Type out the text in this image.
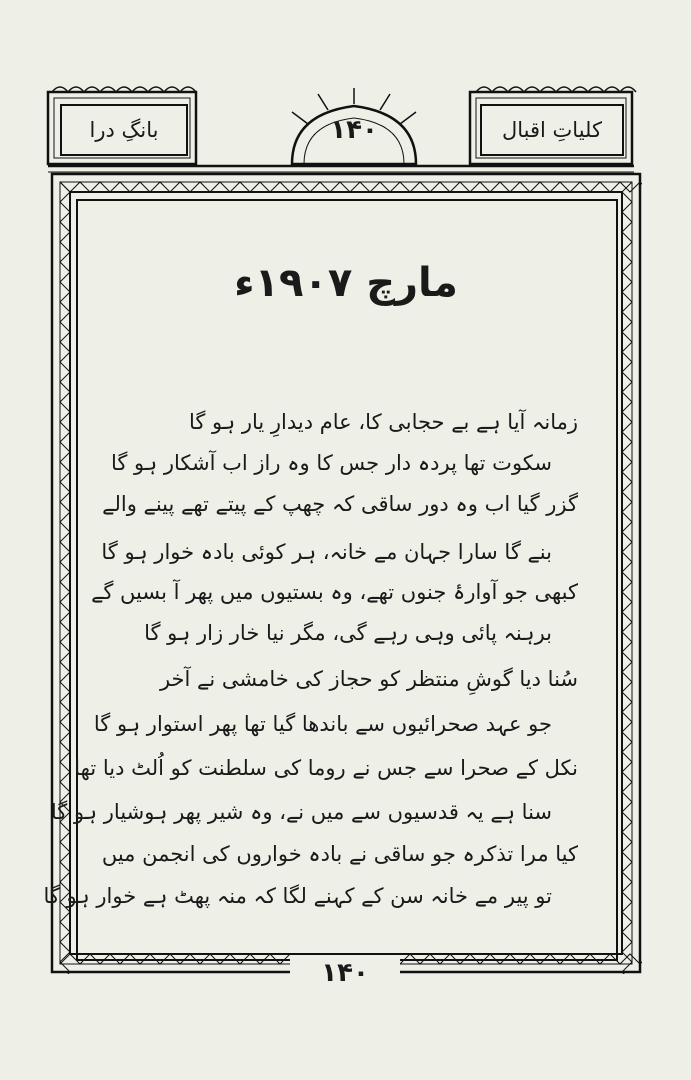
کلیاتِ اقبال
بانگِ درا	۱۴۰
مارچ ۱۹۰۷ء
زمانہ آیا ہے بے حجابی کا، عام دیدارِ یار ہو گا
سکوت تھا پردہ دار جس کا وہ راز اب آشکار ہو گا
گزر گیا اب وہ دور ساقی کہ چھپ کے پیتے تھے پینے والے
بنے گا سارا جہان مے خانہ، ہر کوئی بادہ خوار ہو گا
کبھی جو آوارۂ جنوں تھے، وہ بستیوں میں پھر آ بسیں گے
برہنہ پائی وہی رہے گی، مگر نیا خار زار ہو گا
سُنا دیا گوشِ منتظر کو حجاز کی خامشی نے آخر
جو عہد صحرائیوں سے باندھا گیا تھا پھر استوار ہو گا
نکل کے صحرا سے جس نے روما کی سلطنت کو اُلٹ دیا تھا
سنا ہے یہ قدسیوں سے میں نے، وہ شیر پھر ہوشیار ہو گا
کیا مرا تذکرہ جو ساقی نے بادہ خواروں کی انجمن میں
تو پیر مے خانہ سن کے کہنے لگا کہ منہ پھٹ ہے خوار ہو گا
۱۴۰
